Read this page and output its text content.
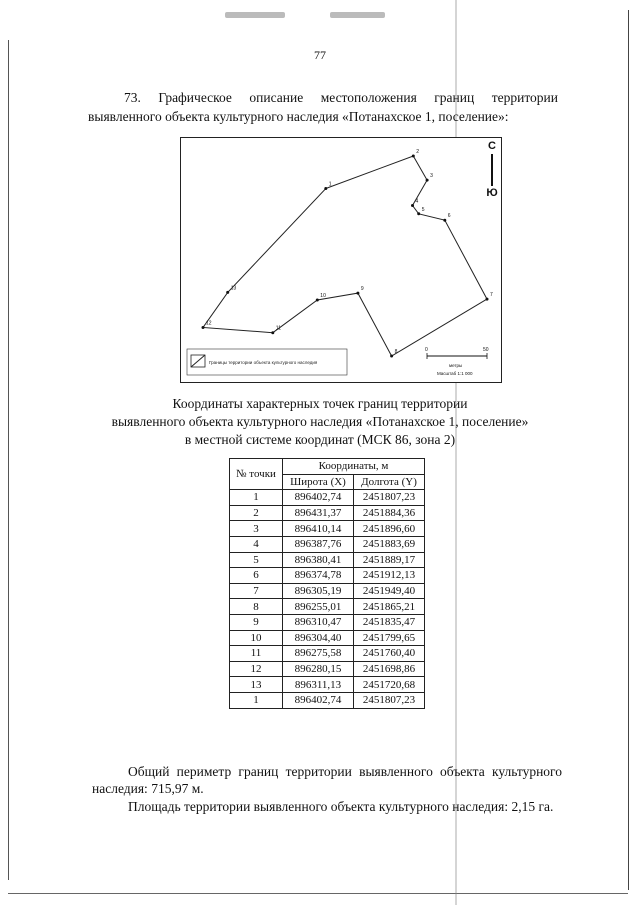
77
73. Графическое описание местоположения границ территории выявленного объекта культурного наследия «Потанахское 1, поселение»:
1
2
3
4
5
6
7
8
9
10
11
12
13
Границы территории объекта культурного наследия
0	50
метры
Масштаб 1:1 000
С
Ю
Координаты характерных точек границ территории
выявленного объекта культурного наследия «Потанахское 1, поселение»
в местной системе координат (МСК 86, зона 2)
№ точки	Координаты, м	
	Широта (X)	Долгота (Y)
1	896402,74	2451807,23
2	896431,37	2451884,36
3	896410,14	2451896,60
4	896387,76	2451883,69
5	896380,41	2451889,17
6	896374,78	2451912,13
7	896305,19	2451949,40
8	896255,01	2451865,21
9	896310,47	2451835,47
10	896304,40	2451799,65
11	896275,58	2451760,40
12	896280,15	2451698,86
13	896311,13	2451720,68
1	896402,74	2451807,23
Общий периметр границ территории выявленного объекта культурного наследия: 715,97 м.
Площадь территории выявленного объекта культурного наследия: 2,15 га.
